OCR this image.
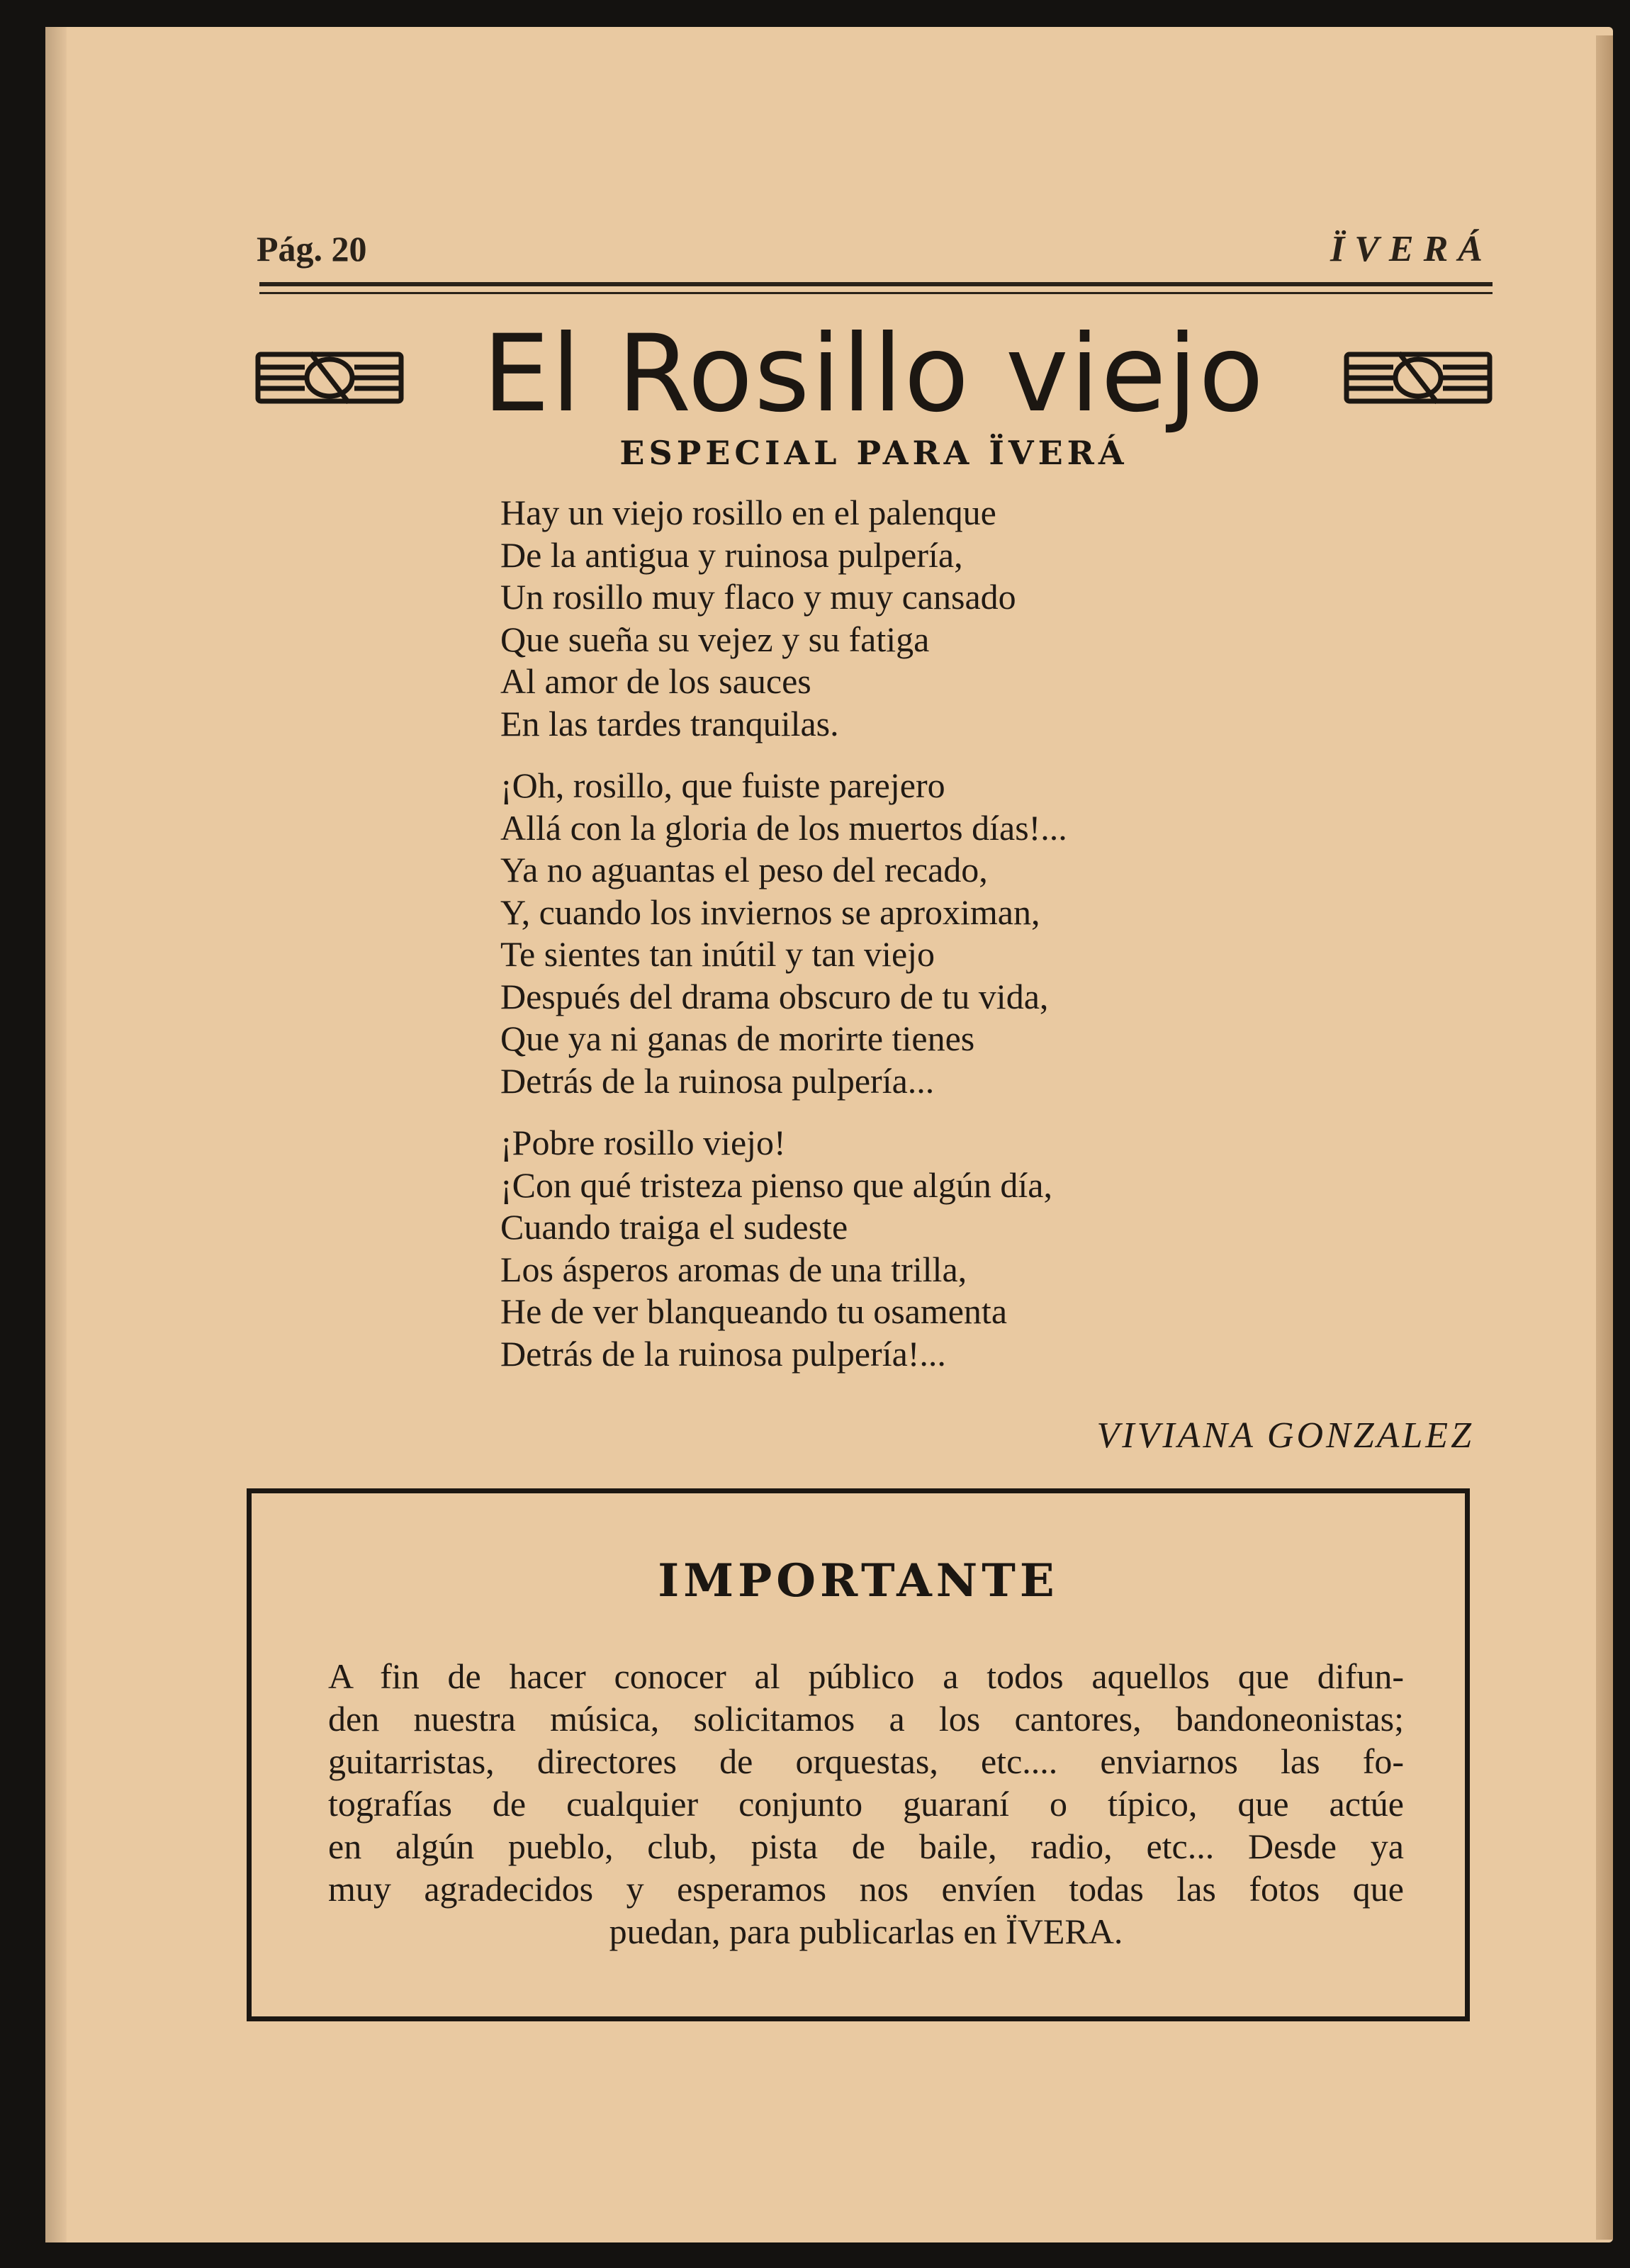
Pág. 20	ÏVERÁ
El Rosillo viejo
ESPECIAL PARA ÏVERÁ
Hay un viejo rosillo en el palenque
De la antigua y ruinosa pulpería,
Un rosillo muy flaco y muy cansado
Que sueña su vejez y su fatiga
Al amor de los sauces
En las tardes tranquilas.
¡Oh, rosillo, que fuiste parejero
Allá con la gloria de los muertos días!...
Ya no aguantas el peso del recado,
Y, cuando los inviernos se aproximan,
Te sientes tan inútil y tan viejo
Después del drama obscuro de tu vida,
Que ya ni ganas de morirte tienes
Detrás de la ruinosa pulpería...
¡Pobre rosillo viejo!
¡Con qué tristeza pienso que algún día,
Cuando traiga el sudeste
Los ásperos aromas de una trilla,
He de ver blanqueando tu osamenta
Detrás de la ruinosa pulpería!...
VIVIANA GONZALEZ
IMPORTANTE
A fin de hacer conocer al público a todos aquellos que difun-
den nuestra música, solicitamos a los cantores, bandoneonistas;
guitarristas, directores de orquestas, etc.... enviarnos las fo-
tografías de cualquier conjunto guaraní o típico, que actúe
en algún pueblo, club, pista de baile, radio, etc... Desde ya
muy agradecidos y esperamos nos envíen todas las fotos que
puedan, para publicarlas en ÏVERA.
